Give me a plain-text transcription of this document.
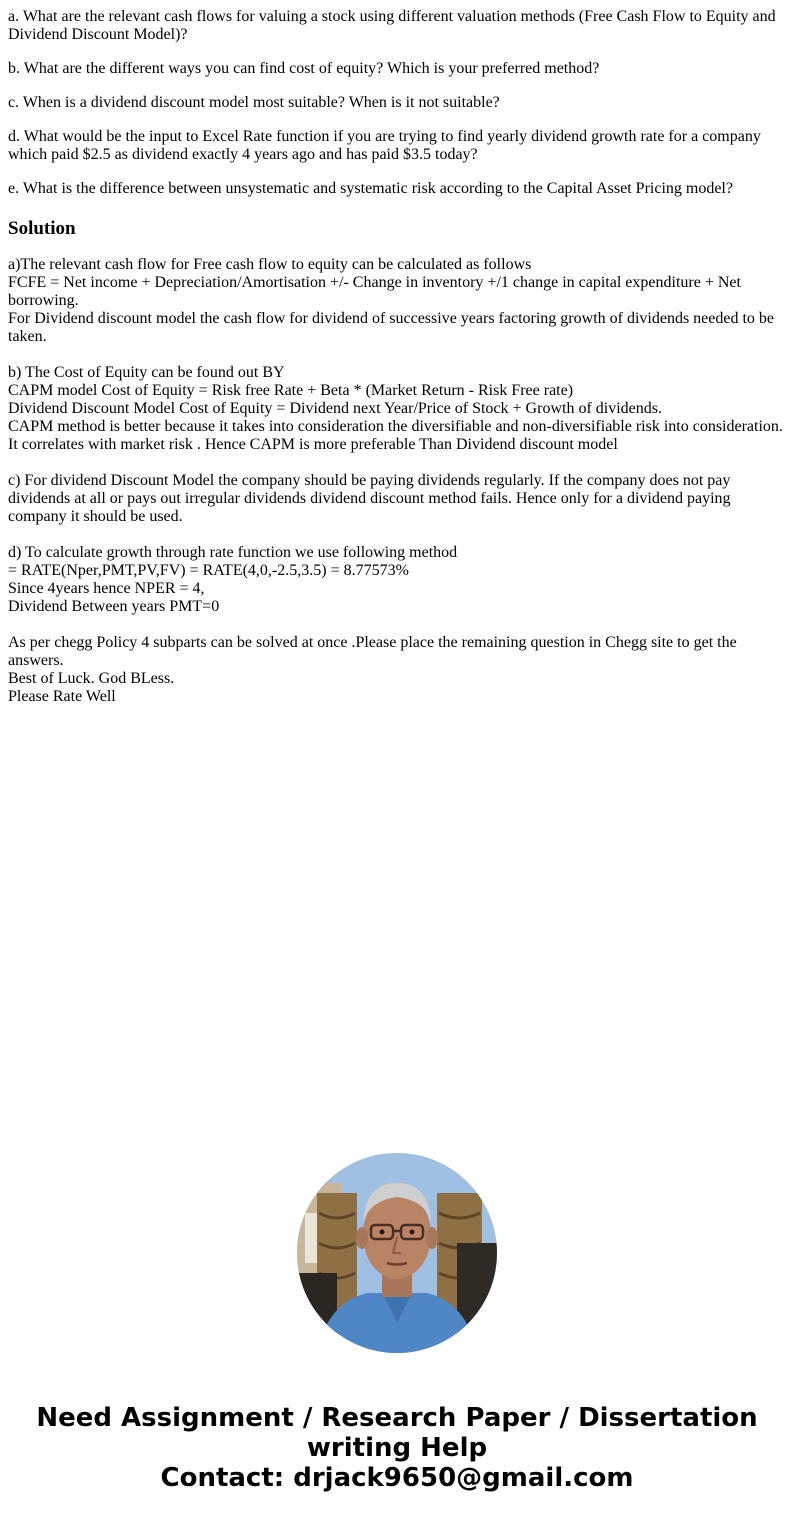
a. What are the relevant cash flows for valuing a stock using different valuation methods (Free Cash Flow to Equity and Dividend Discount Model)?

b. What are the different ways you can find cost of equity? Which is your preferred method?

c. When is a dividend discount model most suitable? When is it not suitable?

d. What would be the input to Excel Rate function if you are trying to find yearly dividend growth rate for a company which paid $2.5 as dividend exactly 4 years ago and has paid $3.5 today?

e. What is the difference between unsystematic and systematic risk according to the Capital Asset Pricing model?

Solution
a)The relevant cash flow for Free cash flow to equity can be calculated as follows
FCFE = Net income + Depreciation/Amortisation +/- Change in inventory +/1 change in capital expenditure + Net borrowing.
For Dividend discount model the cash flow for dividend of successive years factoring growth of dividends needed to be taken.
b) The Cost of Equity can be found out BY
CAPM model Cost of Equity = Risk free Rate + Beta * (Market Return - Risk Free rate)
Dividend Discount Model Cost of Equity = Dividend next Year/Price of Stock + Growth of dividends.
CAPM method is better because it takes into consideration the diversifiable and non-diversifiable risk into consideration. It correlates with market risk . Hence CAPM is more preferable Than Dividend discount model
c) For dividend Discount Model the company should be paying dividends regularly. If the company does not pay dividends at all or pays out irregular dividends dividend discount method fails. Hence only for a dividend paying company it should be used.
d) To calculate growth through rate function we use following method
= RATE(Nper,PMT,PV,FV) = RATE(4,0,-2.5,3.5) = 8.77573%
Since 4years hence NPER = 4,
Dividend Between years PMT=0
As per chegg Policy 4 subparts can be solved at once .Please place the remaining question in Chegg site to get the answers.
Best of Luck. God BLess.
Please Rate Well
Need Assignment / Research Paper / Dissertation
writing Help
Contact: drjack9650@gmail.com
